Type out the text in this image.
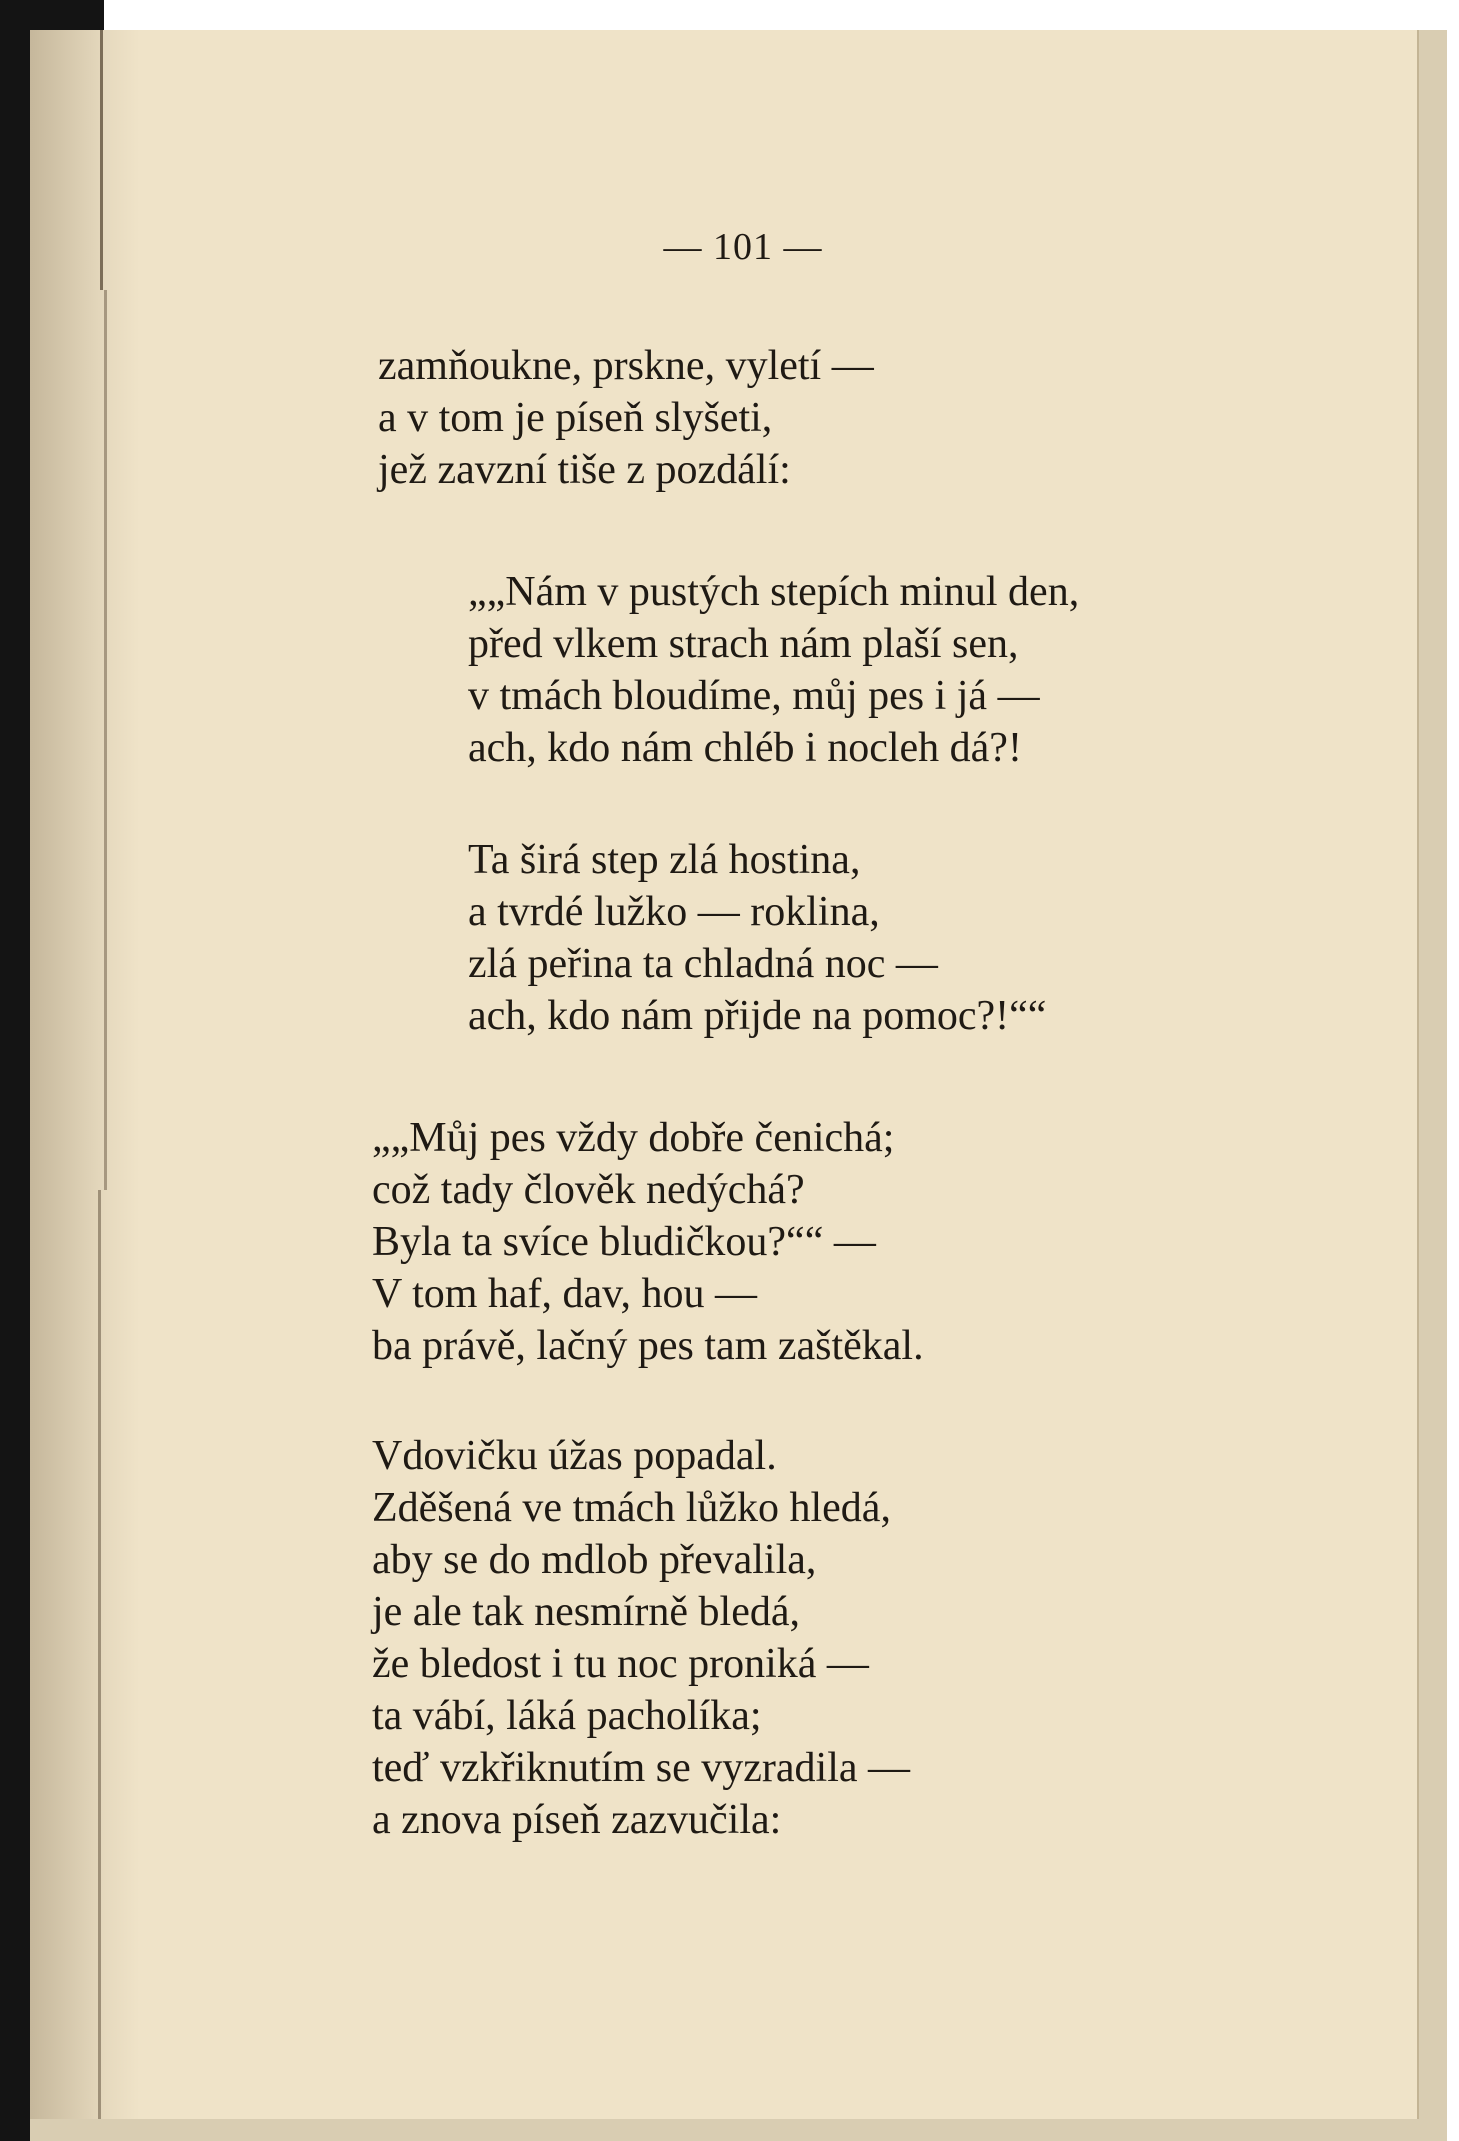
— 101 —
zamňoukne, prskne, vyletí —
a v tom je píseň slyšeti,
jež zavzní tiše z pozdálí:
„„Nám v pustých stepích minul den,
před vlkem strach nám plaší sen,
v tmách bloudíme, můj pes i já —
ach, kdo nám chléb i nocleh dá?!
Ta širá step zlá hostina,
a tvrdé lužko — roklina,
zlá peřina ta chladná noc —
ach, kdo nám přijde na pomoc?!““
„„Můj pes vždy dobře čenichá;
což tady člověk nedýchá?
Byla ta svíce bludičkou?““ —
V tom haf, dav, hou —
ba právě, lačný pes tam zaštěkal.
Vdovičku úžas popadal.
Zděšená ve tmách lůžko hledá,
aby se do mdlob převalila,
je ale tak nesmírně bledá,
že bledost i tu noc proniká —
ta vábí, láká pacholíka;
teď vzkřiknutím se vyzradila —
a znova píseň zazvučila:
